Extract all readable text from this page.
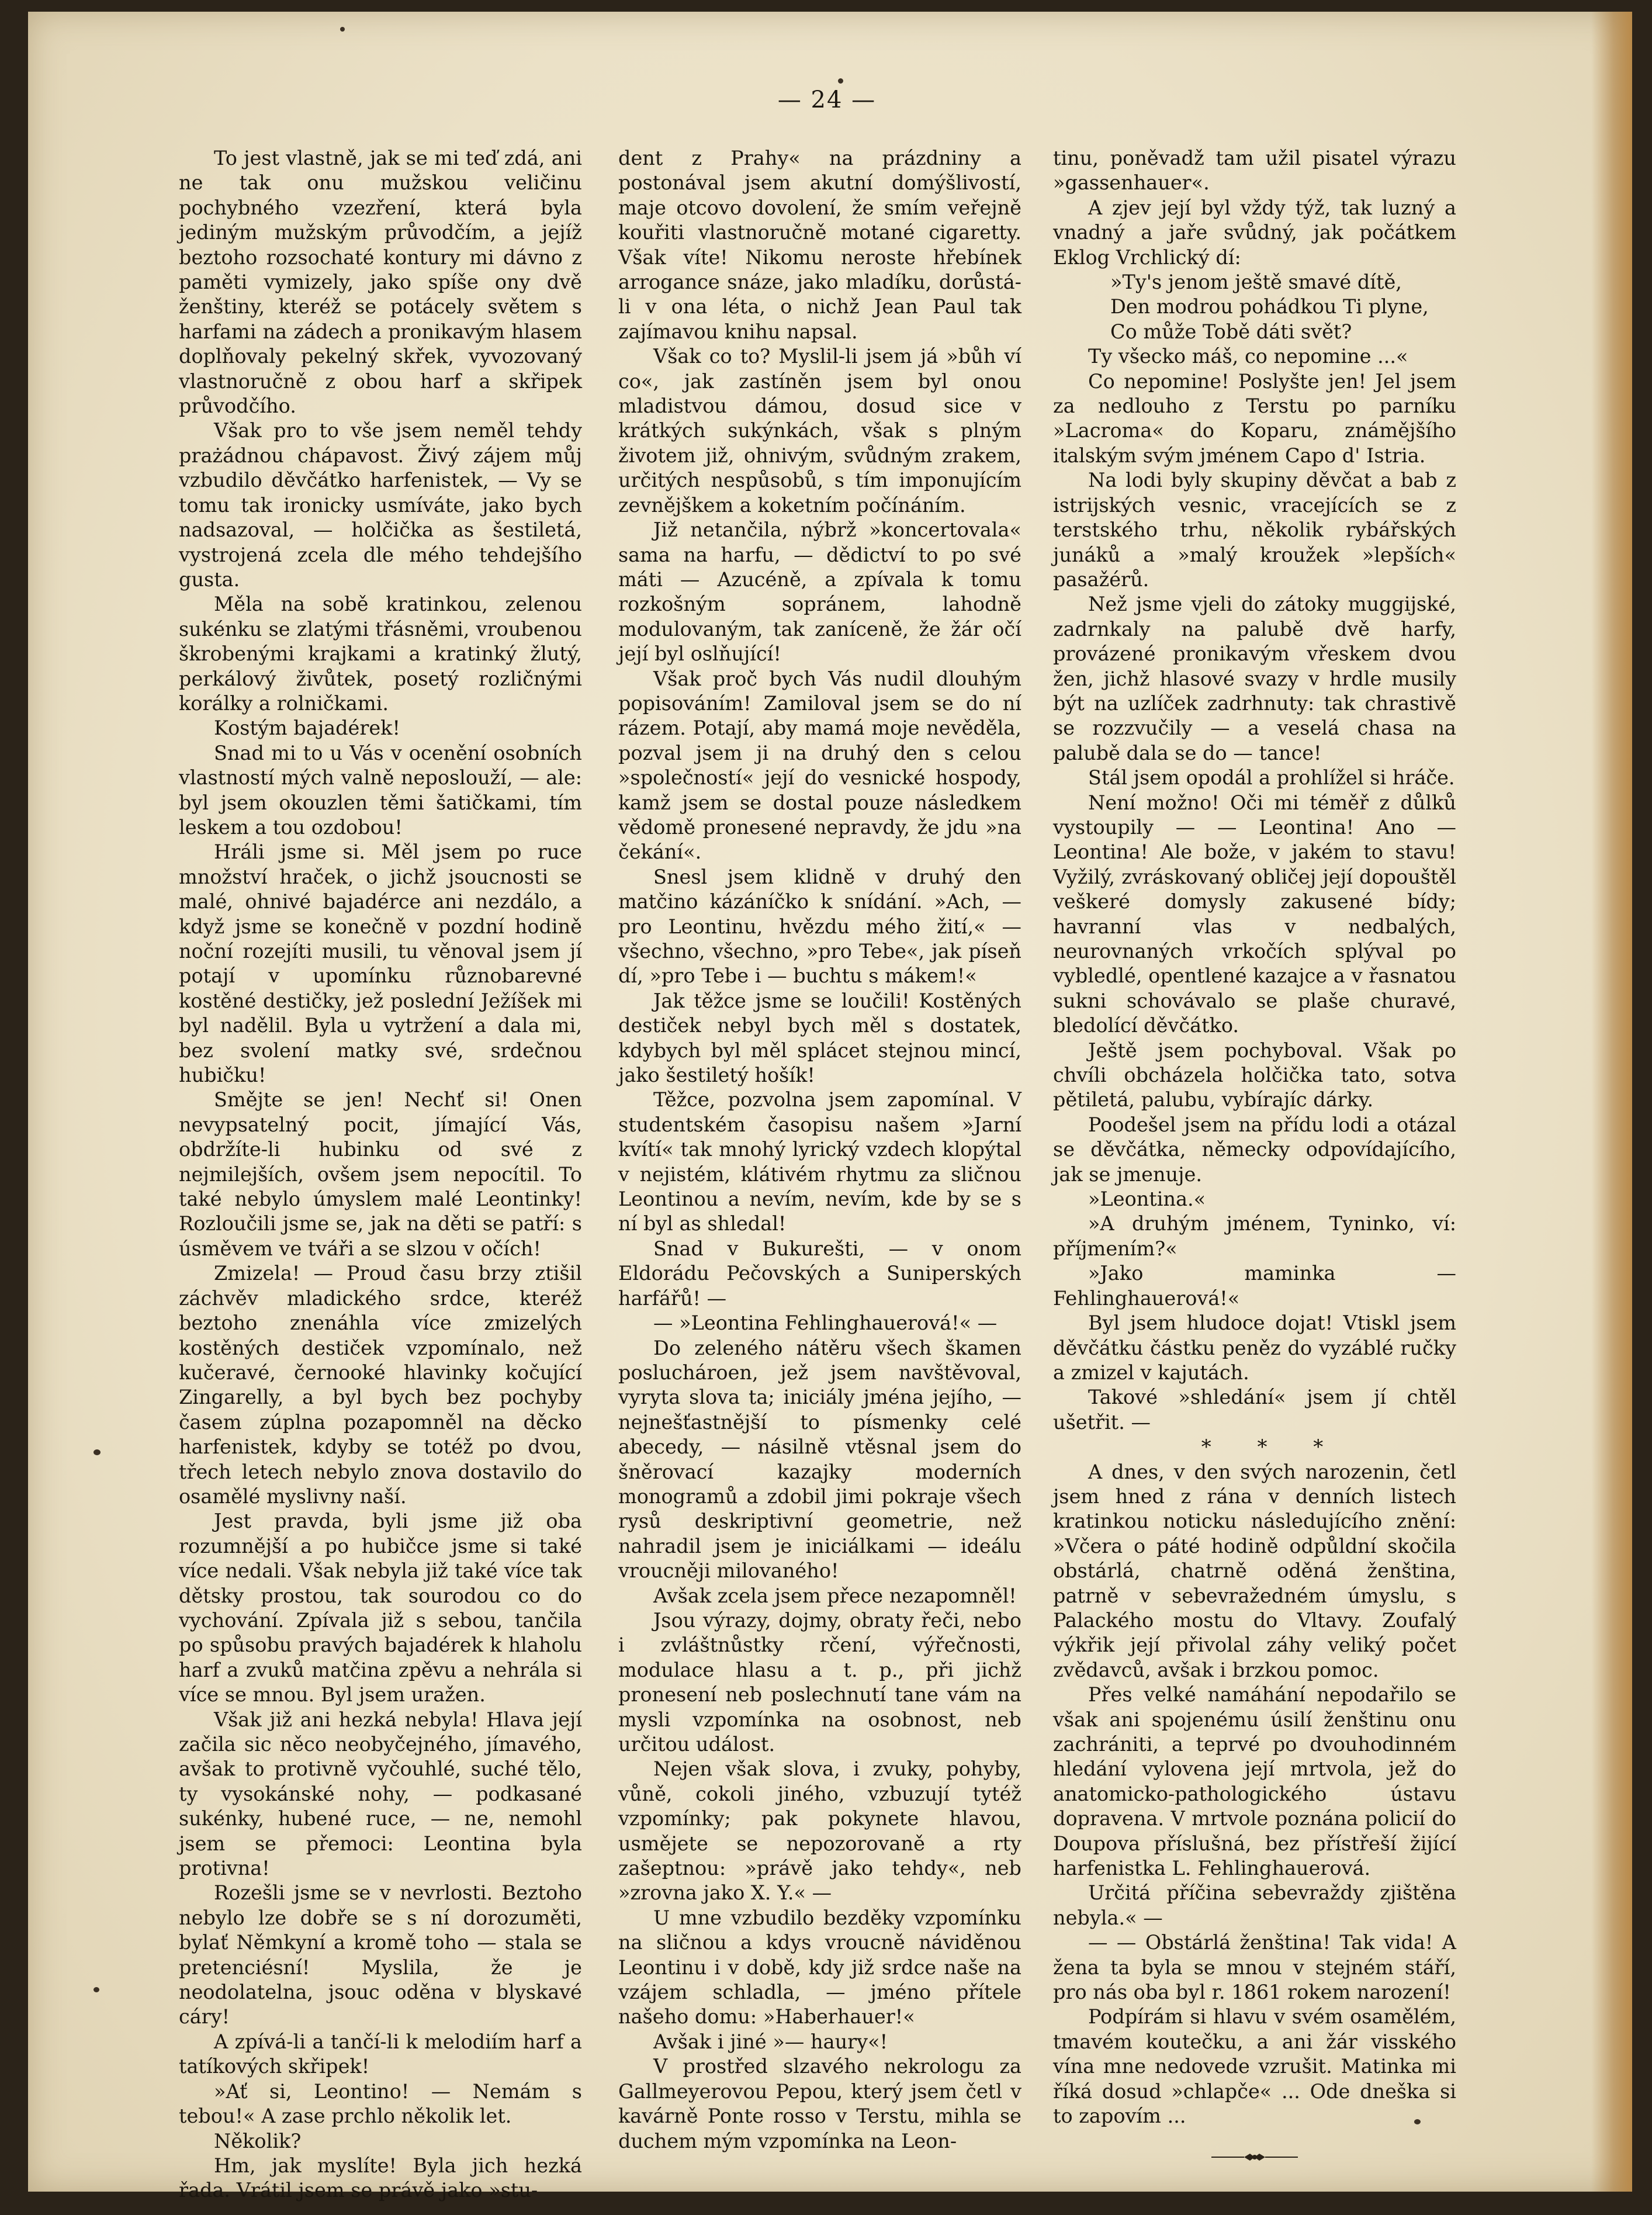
— 24 —

To jest vlastně, jak se mi teď zdá, ani ne tak onu mužskou veličinu pochybného vzezření, která byla jediným mužským průvodčím, a jejíž beztoho rozsochaté kontury mi dávno z paměti vymizely, jako spíše ony dvě ženštiny, kteréž se potácely světem s harfami na zádech a pronikavým hlasem doplňovaly pekelný skřek, vyvozovaný vlastnoručně z obou harf a skřipek průvodčího.

Však pro to vše jsem neměl tehdy prażádnou chápavost. Živý zájem můj vzbudilo děvčátko harfenistek, — Vy se tomu tak ironicky usmíváte, jako bych nadsazoval, — holčička as šestiletá, vystrojená zcela dle mého tehdejšího gusta.

Měla na sobě kratinkou, zelenou sukénku se zlatými třásněmi, vroubenou škrobenými krajkami a kratinký žlutý, perkálový živůtek, posetý rozličnými korálky a rolničkami.

Kostým bajadérek!

Snad mi to u Vás v ocenění osobních vlastností mých valně neposlouží, — ale: byl jsem okouzlen těmi šatičkami, tím leskem a tou ozdobou!

Hráli jsme si. Měl jsem po ruce množství hraček, o jichž jsoucnosti se malé, ohnivé bajadérce ani nezdálo, a když jsme se konečně v pozdní hodině noční rozejíti musili, tu věnoval jsem jí potají v upomínku různobarevné kostěné destičky, jež poslední Ježíšek mi byl nadělil. Byla u vytržení a dala mi, bez svolení matky své, srdečnou hubičku!

Smějte se jen! Nechť si! Onen nevypsatelný pocit, jímající Vás, obdržíte-li hubinku od své z nejmilejších, ovšem jsem nepocítil. To také nebylo úmyslem malé Leontinky! Rozloučili jsme se, jak na děti se patří: s úsměvem ve tváři a se slzou v očích!

Zmizela! — Proud času brzy ztišil záchvěv mladického srdce, kteréž beztoho znenáhla více zmizelých kostěných destiček vzpomínalo, než kučeravé, černooké hlavinky kočující Zingarelly, a byl bych bez pochyby časem zúplna pozapomněl na děcko harfenistek, kdyby se totéž po dvou, třech letech nebylo znova dostavilo do osamělé myslivny naší.

Jest pravda, byli jsme již oba rozumnější a po hubičce jsme si také více nedali. Však nebyla již také více tak dětsky prostou, tak sourodou co do vychování. Zpívala již s sebou, tančila po spůsobu pravých bajadérek k hlaholu harf a zvuků matčina zpěvu a nehrála si více se mnou. Byl jsem uražen.

Však již ani hezká nebyla! Hlava její začila sic něco neobyčejného, jímavého, avšak to protivně vyčouhlé, suché tělo, ty vysokánské nohy, — podkasané sukénky, hubené ruce, — ne, nemohl jsem se přemoci: Leontina byla protivna!

Rozešli jsme se v nevrlosti. Beztoho nebylo lze dobře se s ní dorozuměti, bylať Němkyní a kromě toho — stala se pretenciésní! Myslila, že je neodolatelna, jsouc oděna v blyskavé cáry!

A zpívá-li a tančí-li k melodiím harf a tatíkových skřipek!

»Ať si, Leontino! — Nemám s tebou!« A zase prchlo několik let.

Několik?

Hm, jak myslíte! Byla jich hezká řada. Vrátil jsem se právě jako »stu-

dent z Prahy« na prázdniny a postonával jsem akutní domýšlivostí, maje otcovo dovolení, že smím veřejně kouřiti vlastnoručně motané cigaretty. Však víte! Nikomu neroste hřebínek arrogance snáze, jako mladíku, dorůstá-li v ona léta, o nichž Jean Paul tak zajímavou knihu napsal.

Však co to? Myslil-li jsem já »bůh ví co«, jak zastíněn jsem byl onou mladistvou dámou, dosud sice v krátkých sukýnkách, však s plným životem již, ohnivým, svůdným zrakem, určitých nespůsobů, s tím imponujícím zevnějškem a koketním počínáním.

Již netančila, nýbrž »koncertovala« sama na harfu, — dědictví to po své máti — Azucéně, a zpívala k tomu rozkošným sopránem, lahodně modulovaným, tak zaníceně, že žár očí její byl oslňující!

Však proč bych Vás nudil dlouhým popisováním! Zamiloval jsem se do ní rázem. Potají, aby mamá moje nevěděla, pozval jsem ji na druhý den s celou »společností« její do vesnické hospody, kamž jsem se dostal pouze následkem vědomě pronesené nepravdy, že jdu »na čekání«.

Snesl jsem klidně v druhý den matčino kázáníčko k snídání. »Ach, — pro Leontinu, hvězdu mého žití,« — všechno, všechno, »pro Tebe«, jak píseň dí, »pro Tebe i — buchtu s mákem!«

Jak těžce jsme se loučili! Kostěných destiček nebyl bych měl s dostatek, kdybych byl měl splácet stejnou mincí, jako šestiletý hošík!

Těžce, pozvolna jsem zapomínal. V studentském časopisu našem »Jarní kvítí« tak mnohý lyrický vzdech klopýtal v nejistém, klátivém rhytmu za sličnou Leontinou a nevím, nevím, kde by se s ní byl as shledal!

Snad v Bukurešti, — v onom Eldorádu Pečovských a Suniperských harfářů! —

— »Leontina Fehlinghauerová!« —

Do zeleného nátěru všech škamen posluchároen, jež jsem navštěvoval, vyryta slova ta; iniciály jména jejího, — nejnešťastnější to písmenky celé abecedy, — násilně vtěsnal jsem do šněrovací kazajky moderních monogramů a zdobil jimi pokraje všech rysů deskriptivní geometrie, než nahradil jsem je iniciálkami — ideálu vroucněji milovaného!

Avšak zcela jsem přece nezapomněl!

Jsou výrazy, dojmy, obraty řeči, nebo i zvláštnůstky rčení, výřečnosti, modulace hlasu a t. p., při jichž pronesení neb poslechnutí tane vám na mysli vzpomínka na osobnost, neb určitou událost.

Nejen však slova, i zvuky, pohyby, vůně, cokoli jiného, vzbuzují tytéž vzpomínky; pak pokynete hlavou, usmějete se nepozorovaně a rty zašeptnou: »právě jako tehdy«, neb »zrovna jako X. Y.« —

U mne vzbudilo bezděky vzpomínku na sličnou a kdys vroucně náviděnou Leontinu i v době, kdy již srdce naše na vzájem schladla, — jméno přítele našeho domu: »Haberhauer!«

Avšak i jiné »— haury«!

V prostřed slzavého nekrologu za Gallmeyerovou Pepou, který jsem četl v kavárně Ponte rosso v Terstu, mihla se duchem mým vzpomínka na Leon-

tinu, poněvadž tam užil pisatel výrazu »gassenhauer«.

A zjev její byl vždy týž, tak luzný a vnadný a jaře svůdný, jak počátkem Eklog Vrchlický dí:

»Ty's jenom ještě smavé dítě,

Den modrou pohádkou Ti plyne,

Co může Tobě dáti svět?

Ty všecko máš, co nepomine ...«

Co nepomine! Poslyšte jen! Jel jsem za nedlouho z Terstu po parníku »Lacroma« do Koparu, známějšího italským svým jménem Capo d' Istria.

Na lodi byly skupiny děvčat a bab z istrijských vesnic, vracejících se z terstského trhu, několik rybářských junáků a »malý kroužek »lepších« pasažérů.

Než jsme vjeli do zátoky muggijské, zadrnkaly na palubě dvě harfy, provázené pronikavým vřeskem dvou žen, jichž hlasové svazy v hrdle musily být na uzlíček zadrhnuty: tak chrastivě se rozzvučily — a veselá chasa na palubě dala se do — tance!

Stál jsem opodál a prohlížel si hráče.

Není možno! Oči mi téměř z důlků vystoupily — — Leontina! Ano — Leontina! Ale bože, v jakém to stavu! Vyžilý, zvráskovaný obličej její dopouštěl veškeré domysly zakusené bídy; havranní vlas v nedbalých, neurovnaných vrkočích splýval po vybledlé, opentlené kazajce a v řasnatou sukni schovávalo se plaše churavé, bledolící děvčátko.

Ještě jsem pochyboval. Však po chvíli obcházela holčička tato, sotva pětiletá, palubu, vybírajíc dárky.

Poodešel jsem na přídu lodi a otázal se děvčátka, německy odpovídajícího, jak se jmenuje.

»Leontina.«

»A druhým jménem, Tyninko, ví: příjmením?«

»Jako maminka — Fehlinghauerová!«

Byl jsem hludoce dojat! Vtiskl jsem děvčátku částku peněz do vyzáblé ručky a zmizel v kajutách.

Takové »shledání« jsem jí chtěl ušetřit. —

* * *

A dnes, v den svých narozenin, četl jsem hned z rána v denních listech kratinkou noticku následujícího znění: »Včera o páté hodině odpůldní skočila obstárlá, chatrně oděná ženština, patrně v sebevražedném úmyslu, s Palackého mostu do Vltavy. Zoufalý výkřik její přivolal záhy veliký počet zvědavců, avšak i brzkou pomoc.

Přes velké namáhání nepodařilo se však ani spojenému úsilí ženštinu onu zachrániti, a teprvé po dvouhodinném hledání vylovena její mrtvola, jež do anatomicko-pathologického ústavu dopravena. V mrtvole poznána policií do Doupova příslušná, bez přístřeší žijící harfenistka L. Fehlinghauerová.

Určitá příčina sebevraždy zjištěna nebyla.« —

— — Obstárlá ženština! Tak vida! A žena ta byla se mnou v stejném stáří, pro nás oba byl r. 1861 rokem narození!

Podpírám si hlavu v svém osamělém, tmavém koutečku, a ani žár visského vína mne nedovede vzrušit. Matinka mi říká dosud »chlapče« ... Ode dneška si to zapovím ...
